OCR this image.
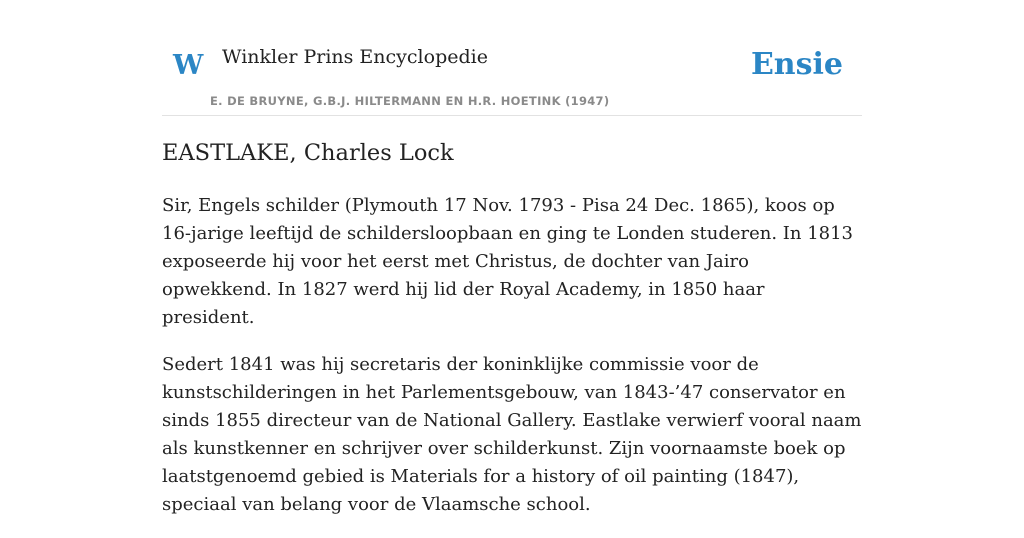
W Winkler Prins Encyclopedie
E. DE BRUYNE, G.B.J. HILTERMANN EN H.R. HOETINK (1947)
Ensie
EASTLAKE, Charles Lock

Sir, Engels schilder (Plymouth 17 Nov. 1793 - Pisa 24 Dec. 1865), koos op 16-jarige leeftijd de schildersloopbaan en ging te Londen studeren. In 1813 exposeerde hij voor het eerst met Christus, de dochter van Jairo opwekkend. In 1827 werd hij lid der Royal Academy, in 1850 haar president.

Sedert 1841 was hij secretaris der koninklijke commissie voor de kunstschilderingen in het Parlementsgebouw, van 1843-’47 conservator en sinds 1855 directeur van de National Gallery. Eastlake verwierf vooral naam als kunstkenner en schrijver over schilderkunst. Zijn voornaamste boek op laatstgenoemd gebied is Materials for a history of oil painting (1847), speciaal van belang voor de Vlaamsche school.
